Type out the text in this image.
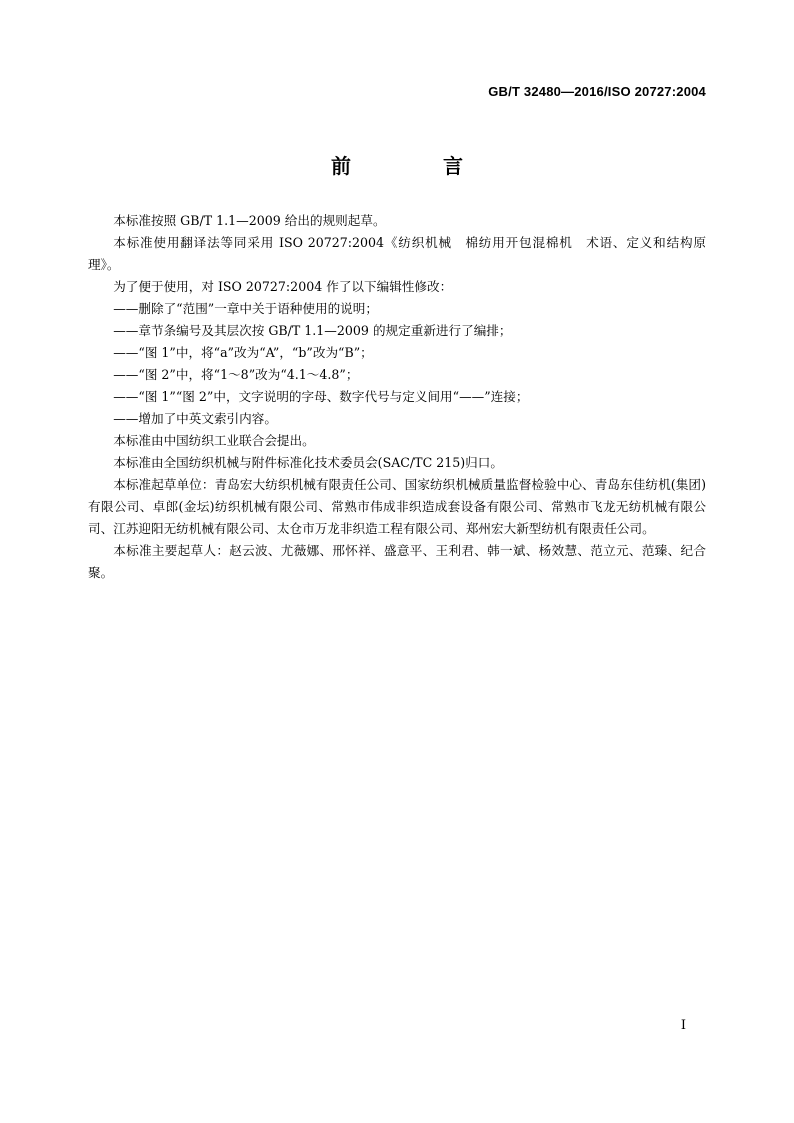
GB/T 32480—2016/ISO 20727:2004
前　言

本标准按照 GB/T 1.1—2009 给出的规则起草。

本标准使用翻译法等同采用 ISO 20727:2004《纺织机械　棉纺用开包混棉机　术语、定义和结构原理》。

为了便于使用，对 ISO 20727:2004 作了以下编辑性修改：

——删除了“范围”一章中关于语种使用的说明；

——章节条编号及其层次按 GB/T 1.1—2009 的规定重新进行了编排；

——“图 1”中，将“a”改为“A”，“b”改为“B”；

——“图 2”中，将“1～8”改为“4.1～4.8”；

——“图 1”“图 2”中，文字说明的字母、数字代号与定义间用“——”连接；

——增加了中英文索引内容。

本标准由中国纺织工业联合会提出。

本标准由全国纺织机械与附件标准化技术委员会(SAC/TC 215)归口。

本标准起草单位：青岛宏大纺织机械有限责任公司、国家纺织机械质量监督检验中心、青岛东佳纺机(集团)有限公司、卓郎(金坛)纺织机械有限公司、常熟市伟成非织造成套设备有限公司、常熟市飞龙无纺机械有限公司、江苏迎阳无纺机械有限公司、太仓市万龙非织造工程有限公司、郑州宏大新型纺机有限责任公司。

本标准主要起草人：赵云波、尤薇娜、邢怀祥、盛意平、王利君、韩一斌、杨效慧、范立元、范臻、纪合聚。

I
